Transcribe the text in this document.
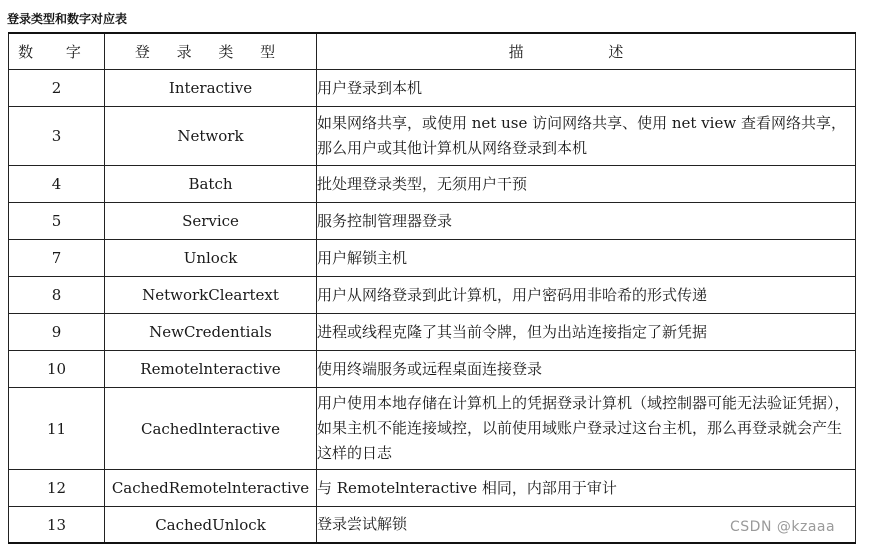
登录类型和数字对应表
数 字	登 录 类 型	描 述
2	Interactive	用户登录到本机
3	Network	如果网络共享，或使用 net use 访问网络共享、使用 net view 查看网络共享，那么用户或其他计算机从网络登录到本机
4	Batch	批处理登录类型，无须用户干预
5	Service	服务控制管理器登录
7	Unlock	用户解锁主机
8	NetworkCleartext	用户从网络登录到此计算机，用户密码用非哈希的形式传递
9	NewCredentials	进程或线程克隆了其当前令牌，但为出站连接指定了新凭据
10	Remotelnteractive	使用终端服务或远程桌面连接登录
11	Cachedlnteractive	用户使用本地存储在计算机上的凭据登录计算机（域控制器可能无法验证凭据），如果主机不能连接域控，以前使用域账户登录过这台主机，那么再登录就会产生这样的日志
12	CachedRemotelnteractive	与 Remotelnteractive 相同，内部用于审计
13	CachedUnlock	登录尝试解锁	CSDN @kzaaa
